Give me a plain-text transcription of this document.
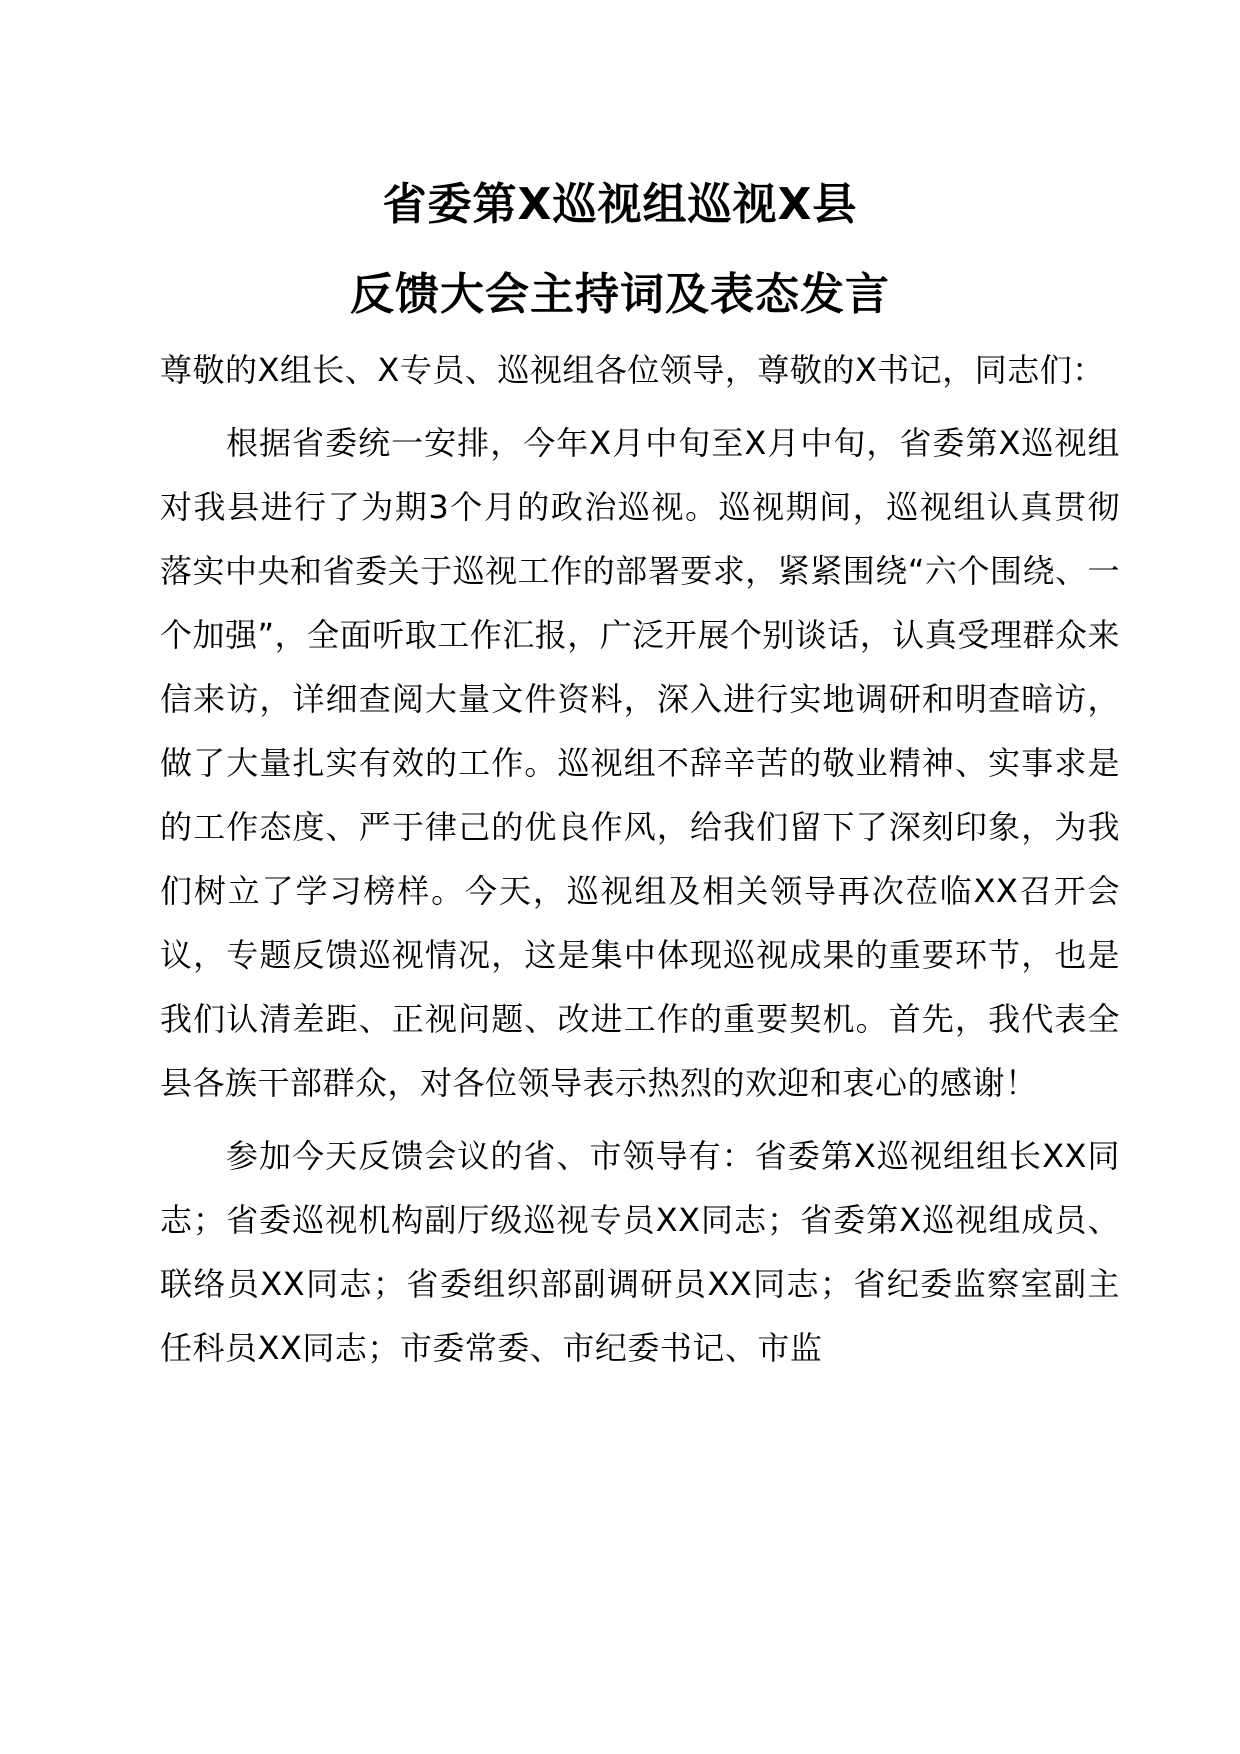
省委第X巡视组巡视X县
反馈大会主持词及表态发言

尊敬的X组长、X专员、巡视组各位领导，尊敬的X书记，同志们：

根据省委统一安排，今年X月中旬至X月中旬，省委第X巡视组对我县进行了为期3个月的政治巡视。巡视期间，巡视组认真贯彻落实中央和省委关于巡视工作的部署要求，紧紧围绕“六个围绕、一个加强”，全面听取工作汇报，广泛开展个别谈话，认真受理群众来信来访，详细查阅大量文件资料，深入进行实地调研和明查暗访，做了大量扎实有效的工作。巡视组不辞辛苦的敬业精神、实事求是的工作态度、严于律己的优良作风，给我们留下了深刻印象，为我们树立了学习榜样。今天，巡视组及相关领导再次莅临XX召开会议，专题反馈巡视情况，这是集中体现巡视成果的重要环节，也是我们认清差距、正视问题、改进工作的重要契机。首先，我代表全县各族干部群众，对各位领导表示热烈的欢迎和衷心的感谢！

参加今天反馈会议的省、市领导有：省委第X巡视组组长XX同志；省委巡视机构副厅级巡视专员XX同志；省委第X巡视组成员、联络员XX同志；省委组织部副调研员XX同志；省纪委监察室副主任科员XX同志；市委常委、市纪委书记、市监
